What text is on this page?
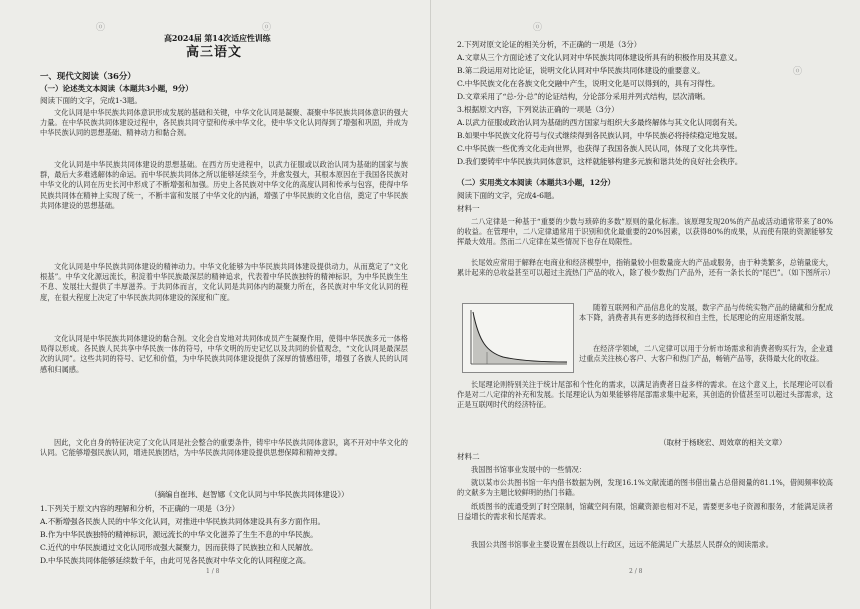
ⓞ	ⓞ
高2024届 第14次适应性训练
高三语文
一、现代文阅读（36分）
（一）论述类文本阅读（本题共3小题，9分）
阅读下面的文字，完成1-3题。
文化认同是中华民族共同体意识形成发展的基础和关键，中华文化认同是凝聚、凝聚中华民族共同体意识的强大力量。在中华民族共同体建设过程中，各民族共同守望和传承中华文化，使中华文化认同得到了增强和巩固，并成为中华民族认同的思想基础、精神动力和黏合剂。
文化认同是中华民族共同体建设的思想基础。在西方历史进程中，以武力征服或以政治认同为基础的国家与族群，最后大多难逃解体的命运。而中华民族共同体之所以能够延续至今，并愈发强大，其根本原因在于我国各民族对中华文化的认同在历史长河中形成了不断增强和加强。历史上各民族对中华文化的高度认同和传承与包容，使得中华民族共同体在精神上实现了统一，不断丰富和发展了中华文化的内涵，增强了中华民族的文化自信，奠定了中华民族共同体建设的思想基础。
文化认同是中华民族共同体建设的精神动力。中华文化能够为中华民族共同体建设提供动力，从而奠定了“文化根基”。中华文化源远流长，积淀着中华民族最深层的精神追求，代表着中华民族独特的精神标识，为中华民族生生不息、发展壮大提供了丰厚滋养。于共同体而言，文化认同是共同体内的凝聚力所在，各民族对中华文化认同的程度，在很大程度上决定了中华民族共同体建设的深度和广度。
文化认同是中华民族共同体建设的黏合剂。文化会自发地对共同体成员产生凝聚作用，使得中华民族多元一体格局得以形成。各民族人民共享中华民族一体的符号，中华文明的历史记忆以及共同的价值观念，“文化认同是最深层次的认同”。这些共同的符号、记忆和价值，为中华民族共同体建设提供了深厚的情感纽带，增强了各族人民的认同感和归属感。
因此，文化自身的特征决定了文化认同是社会整合的重要条件，铸牢中华民族共同体意识，离不开对中华文化的认同。它能够增强民族认同，增进民族团结，为中华民族共同体建设提供思想保障和精神支撑。
（摘编自崔玮、赵智娜《文化认同与中华民族共同体建设》）
1.下列关于原文内容的理解和分析，不正确的一项是（3分）
A.不断增强各民族人民的中华文化认同，对推进中华民族共同体建设具有多方面作用。
B.作为中华民族独特的精神标识，源远流长的中华文化滋养了生生不息的中华民族。
C.近代的中华民族通过文化认同形成强大凝聚力，因而获得了民族独立和人民解放。
D.中华民族共同体能够延续数千年，由此可见各民族对中华文化的认同程度之高。
1 / 8
ⓞ
ⓞ
2.下列对原文论证的相关分析，不正确的一项是（3分）
A.文章从三个方面论述了文化认同对中华民族共同体建设所具有的积极作用及其意义。
B.第二段运用对比论证，说明文化认同对中华民族共同体建设的重要意义。
C.中华民族文化在各族文化交融中产生，说明文化是可以得到的，具有习得性。
D.文章采用了“总-分-总”的论证结构，分论部分采用并列式结构，层次清晰。
3.根据原文内容，下列说法正确的一项是（3分）
A.以武力征服或政治认同为基础的西方国家与组织大多最终解体与其文化认同弱有关。
B.如果中华民族文化符号与仪式继续得到各民族认同，中华民族必将持续稳定地发展。
C.中华民族一些优秀文化走向世界，也获得了我国各族人民认同，体现了文化共享性。
D.我们要铸牢中华民族共同体意识，这样就能够构建多元族和谐共处的良好社会秩序。
（二）实用类文本阅读（本题共3小题，12分）
阅读下面的文字，完成4-6题。
材料一
二八定律是一种基于“重要的少数与琐碎的多数”原则的量化标准。该原理发现20%的产品或活动通常带来了80%的收益。在管理中，二八定律通常用于识别和优化最重要的20%因素，以获得80%的成果，从而使有限的资源能够发挥最大效用。然而二八定律在某些情况下也存在局限性。
长尾效应常用于解释在电商业和经济模型中，指销量较小但数量庞大的产品或服务，由于种类繁多，总销量庞大，累计起来的总收益甚至可以超过主流热门产品的收入，除了极少数热门产品外，还有一条长长的“尾巴”。（如下图所示）
随着互联网和产品信息化的发展，数字产品与传统实物产品的储藏和分配成本下降，消费者具有更多的选择权和自主性，长尾理论的应用逐渐发展。
在经济学领域，二八定律可以用于分析市场需求和消费者购买行为，企业通过重点关注核心客户、大客户和热门产品，畅销产品等，获得最大化的收益。
长尾理论则特别关注于统计尾部和个性化的需求，以满足消费者日益多样的需求。在这个意义上，长尾理论可以看作是对二八定律的补充和发展。长尾理论认为如果能够将尾部需求集中起来，其创造的价值甚至可以超过头部需求，这正是互联网时代的经济特征。
（取材于杨晓宏、周效章的相关文章）
材料二
我国图书馆事业发展中的一些情况：
就以某市公共图书馆一年内借书数据为例，发现16.1%文献流通的图书借出量占总借阅量的81.1%，借阅频率较高的文献多为主题比较鲜明的热门书籍。
纸质图书的流通受到了时空限制，馆藏空间有限，馆藏资源也相对不足，需要更多电子资源和服务，才能满足读者日益增长的需求和长尾需求。
我国公共图书馆事业主要设置在县级以上行政区，远远不能满足广大基层人民群众的阅读需求。
2 / 8
